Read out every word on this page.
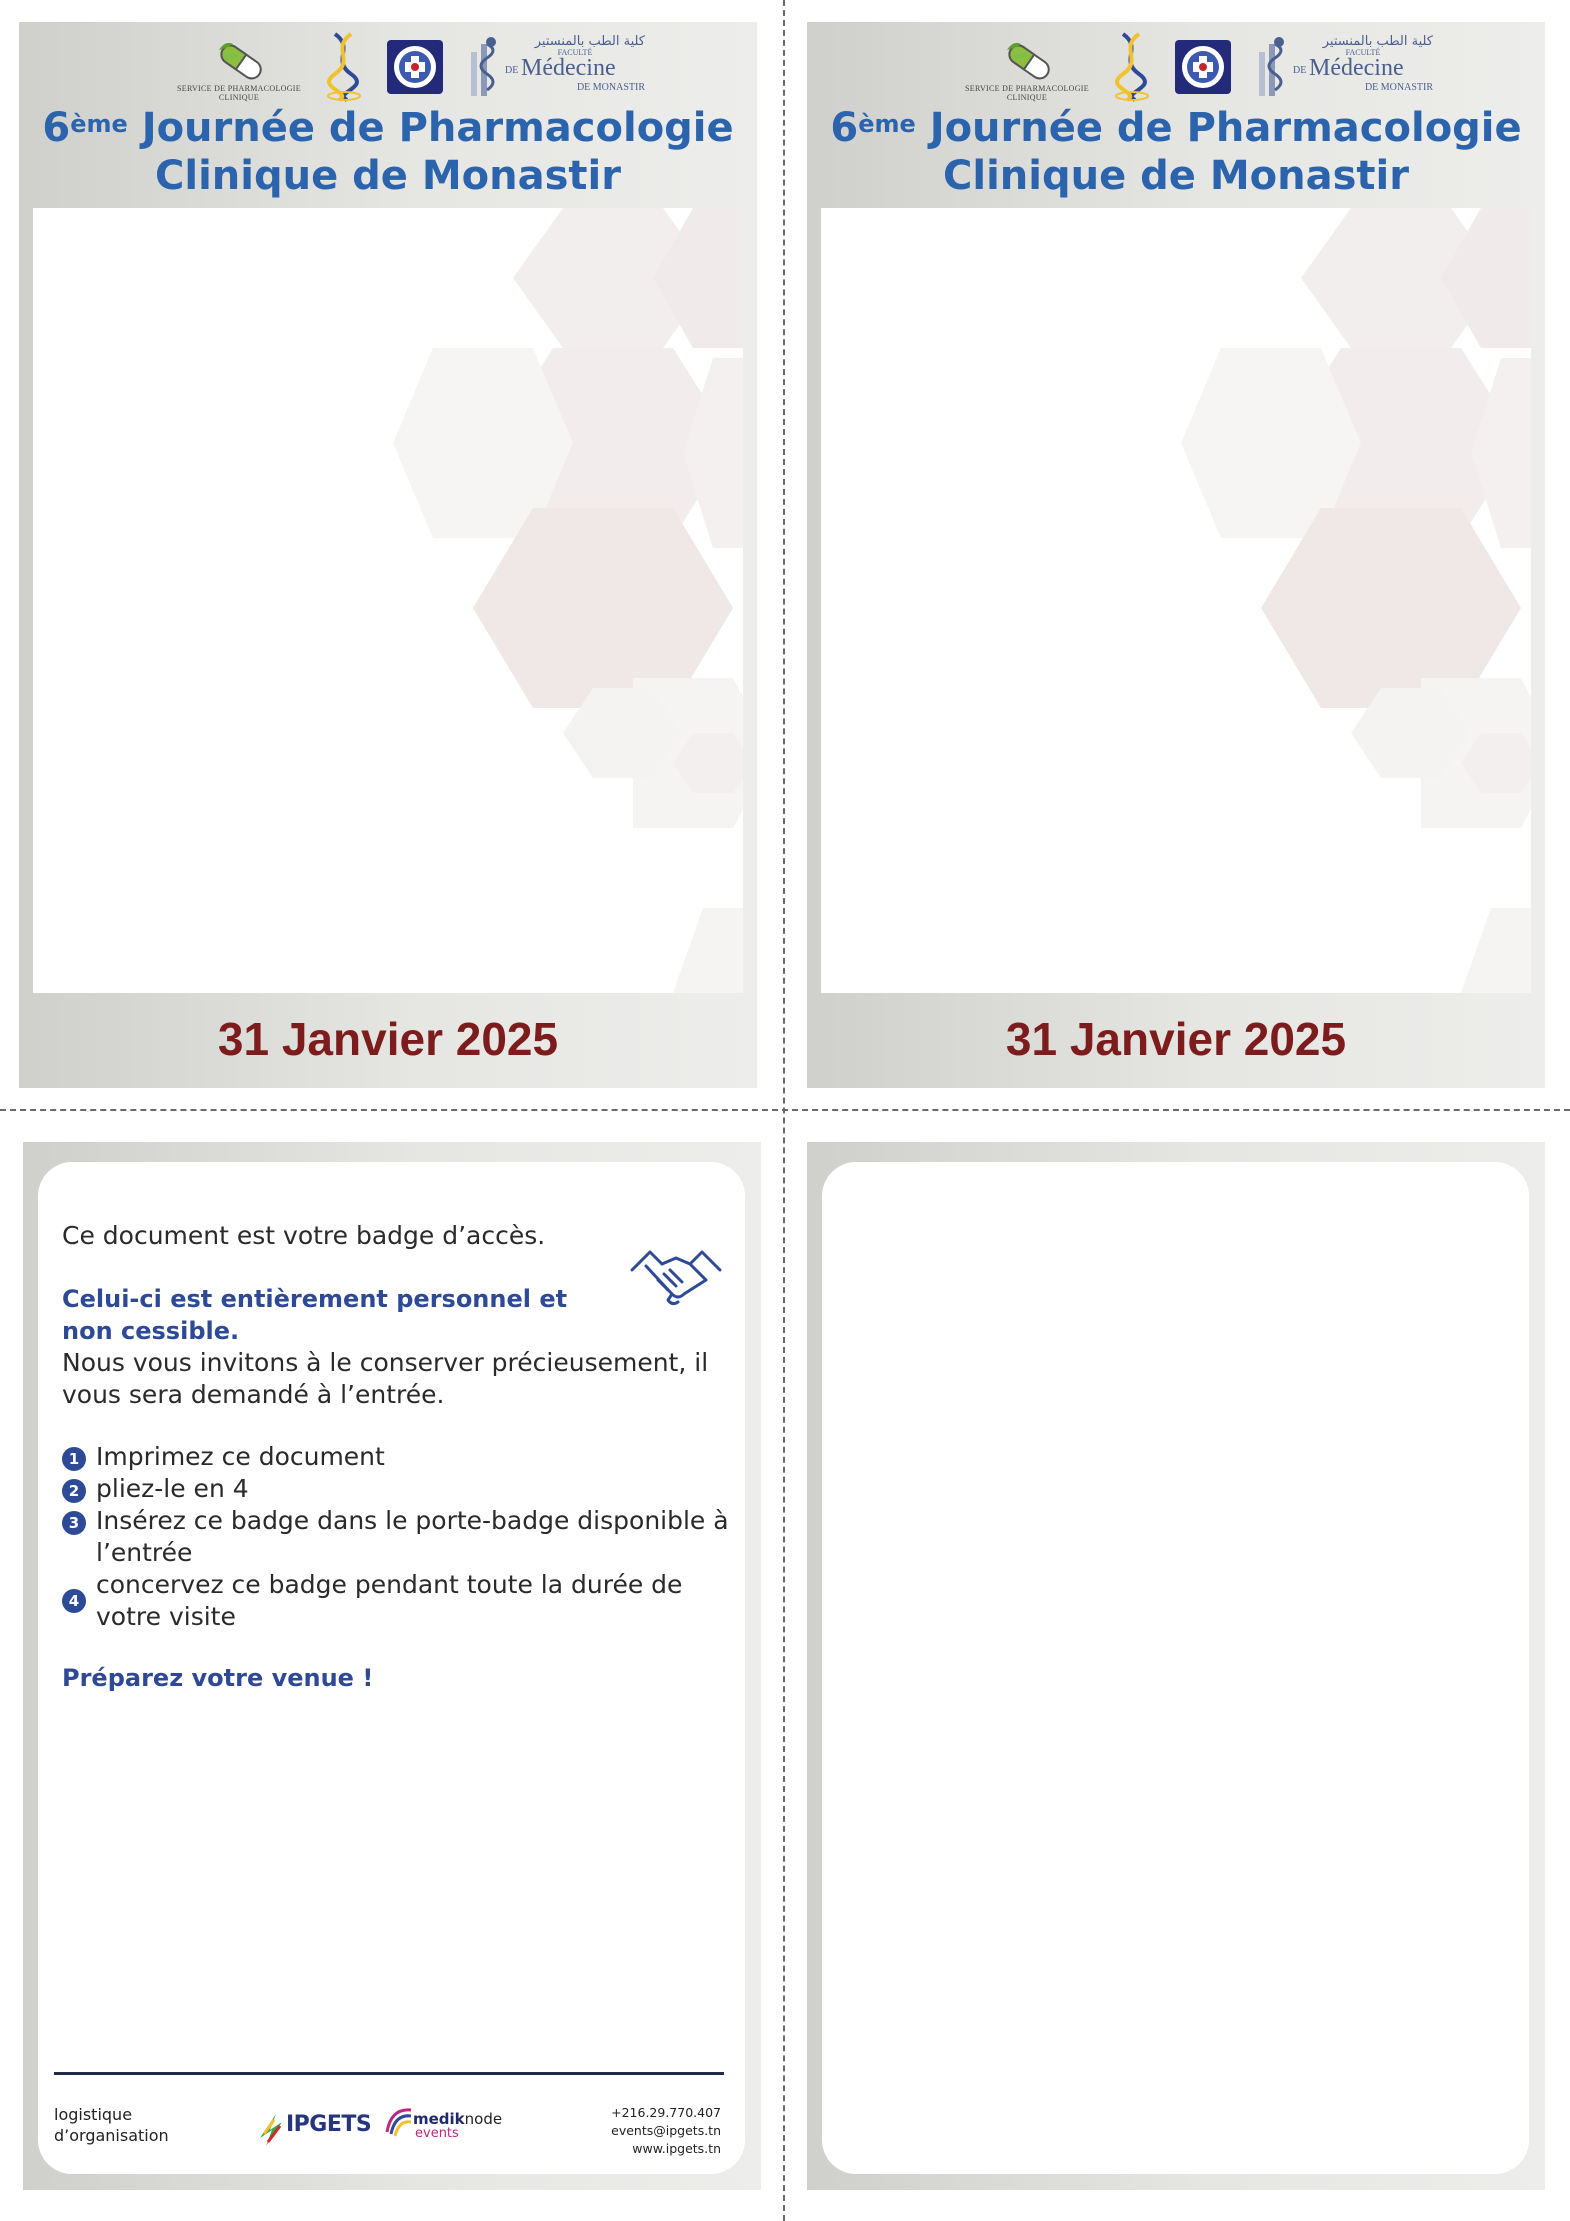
SERVICE DE PHARMACOLOGIE CLINIQUE
كلية الطب بالمنستير
FACULTÉ
DE Médecine
DE MONASTIR
6ème Journée de Pharmacologie
Clinique de Monastir
31 Janvier 2025
SERVICE DE PHARMACOLOGIE CLINIQUE
كلية الطب بالمنستير
FACULTÉ
DE Médecine
DE MONASTIR
6ème Journée de Pharmacologie
Clinique de Monastir
31 Janvier 2025
Ce document est votre badge d’accès.
Celui-ci est entièrement personnel et non cessible.
Nous vous invitons à le conserver précieusement, il vous sera demandé à l’entrée.
1 Imprimez ce document
2 pliez-le en 4
3 Insérez ce badge dans le porte-badge disponible à l’entrée
4
concervez ce badge pendant toute la durée de votre visite
Préparez votre venue !
logistique
d’organisation	IPGETS	mediknode
events
+216.29.770.407
events@ipgets.tn
www.ipgets.tn
